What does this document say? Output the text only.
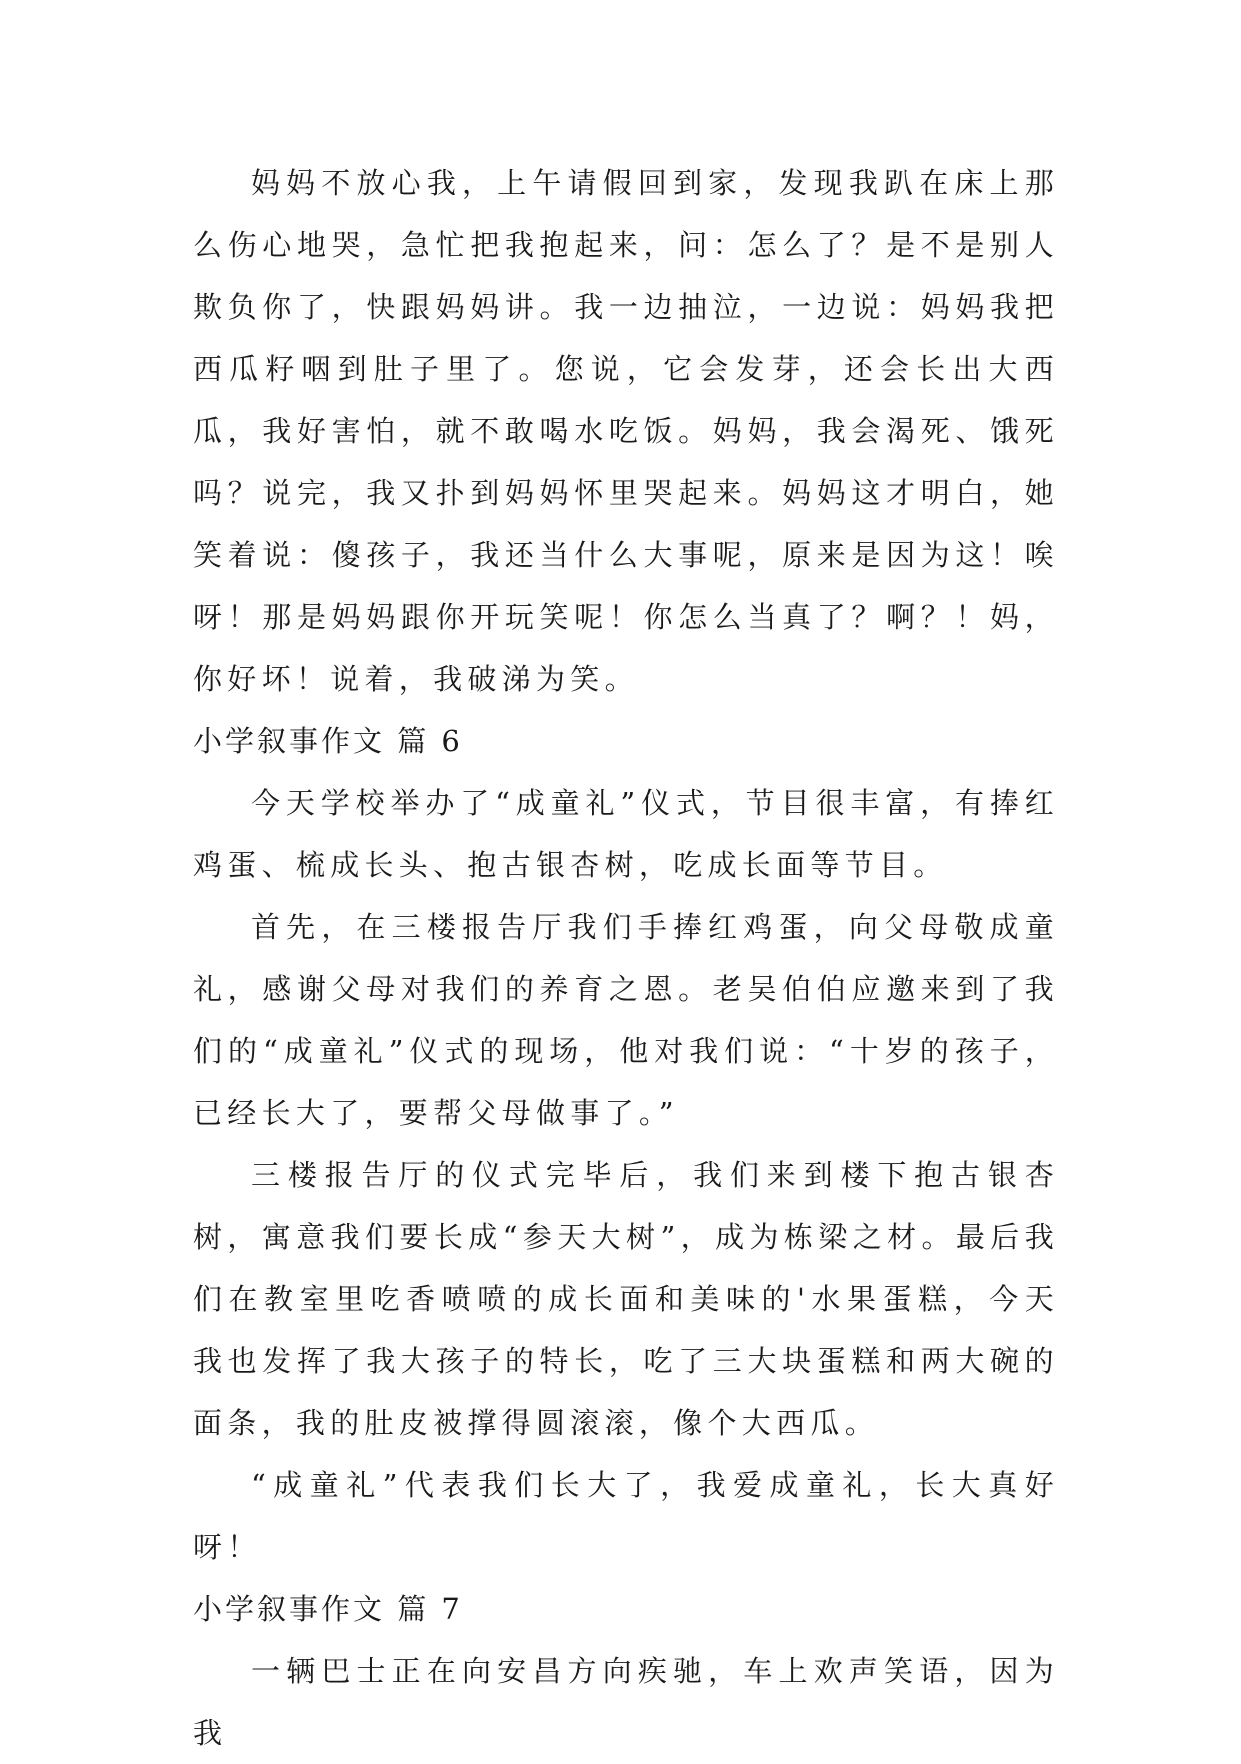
妈妈不放心我，上午请假回到家，发现我趴在床上那么伤心地哭，急忙把我抱起来，问：怎么了？是不是别人欺负你了，快跟妈妈讲。我一边抽泣，一边说：妈妈我把西瓜籽咽到肚子里了。您说，它会发芽，还会长出大西瓜，我好害怕，就不敢喝水吃饭。妈妈，我会渴死、饿死吗？说完，我又扑到妈妈怀里哭起来。妈妈这才明白，她笑着说：傻孩子，我还当什么大事呢，原来是因为这！唉呀！那是妈妈跟你开玩笑呢！你怎么当真了？啊？！妈，你好坏！说着，我破涕为笑。

小学叙事作文 篇 6

今天学校举办了“成童礼”仪式，节目很丰富，有捧红鸡蛋、梳成长头、抱古银杏树，吃成长面等节目。

首先，在三楼报告厅我们手捧红鸡蛋，向父母敬成童礼，感谢父母对我们的养育之恩。老吴伯伯应邀来到了我们的“成童礼”仪式的现场，他对我们说：“十岁的孩子，已经长大了，要帮父母做事了。”

三楼报告厅的仪式完毕后，我们来到楼下抱古银杏树，寓意我们要长成“参天大树”，成为栋梁之材。最后我们在教室里吃香喷喷的成长面和美味的'水果蛋糕，今天我也发挥了我大孩子的特长，吃了三大块蛋糕和两大碗的面条，我的肚皮被撑得圆滚滚，像个大西瓜。

“成童礼”代表我们长大了，我爱成童礼，长大真好呀！

小学叙事作文 篇 7

一辆巴士正在向安昌方向疾驰，车上欢声笑语，因为我
